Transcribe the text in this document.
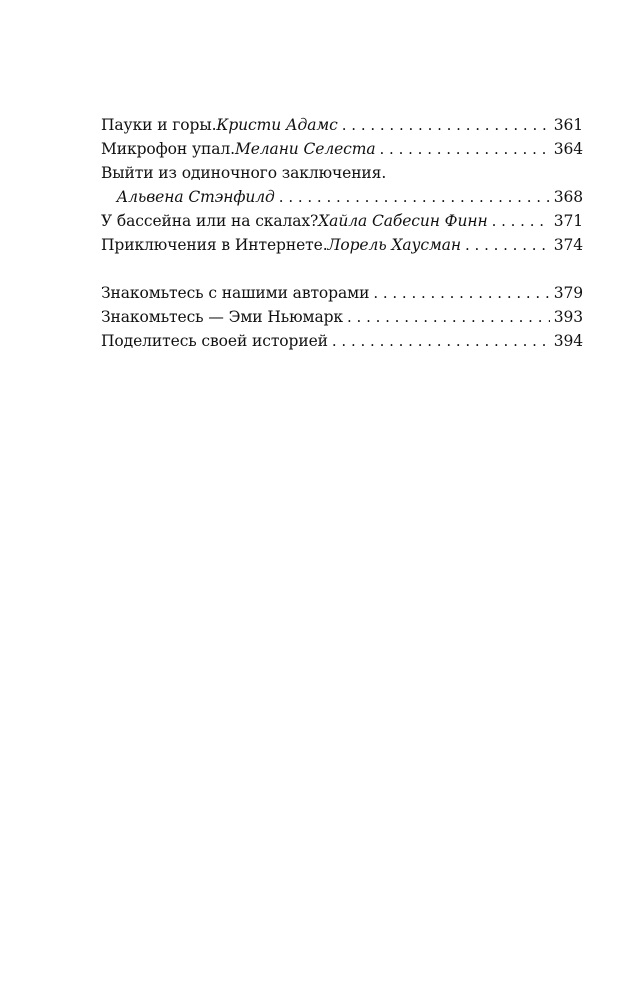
Пауки и горы. Кристи Адамс . . .	361
Микрофон упал. Мелани Селеста . . .	364
Выйти из одиночного заключения.
Альвена Стэнфилд . . .	368
У бассейна или на скалах? Хайла Сабесин Финн . . .	371
Приключения в Интернете. Лорель Хаусман . . .	374
Знакомьтесь с нашими авторами . . .	379
Знакомьтесь — Эми Ньюмарк . . .	393
Поделитесь своей историей . . .	394
